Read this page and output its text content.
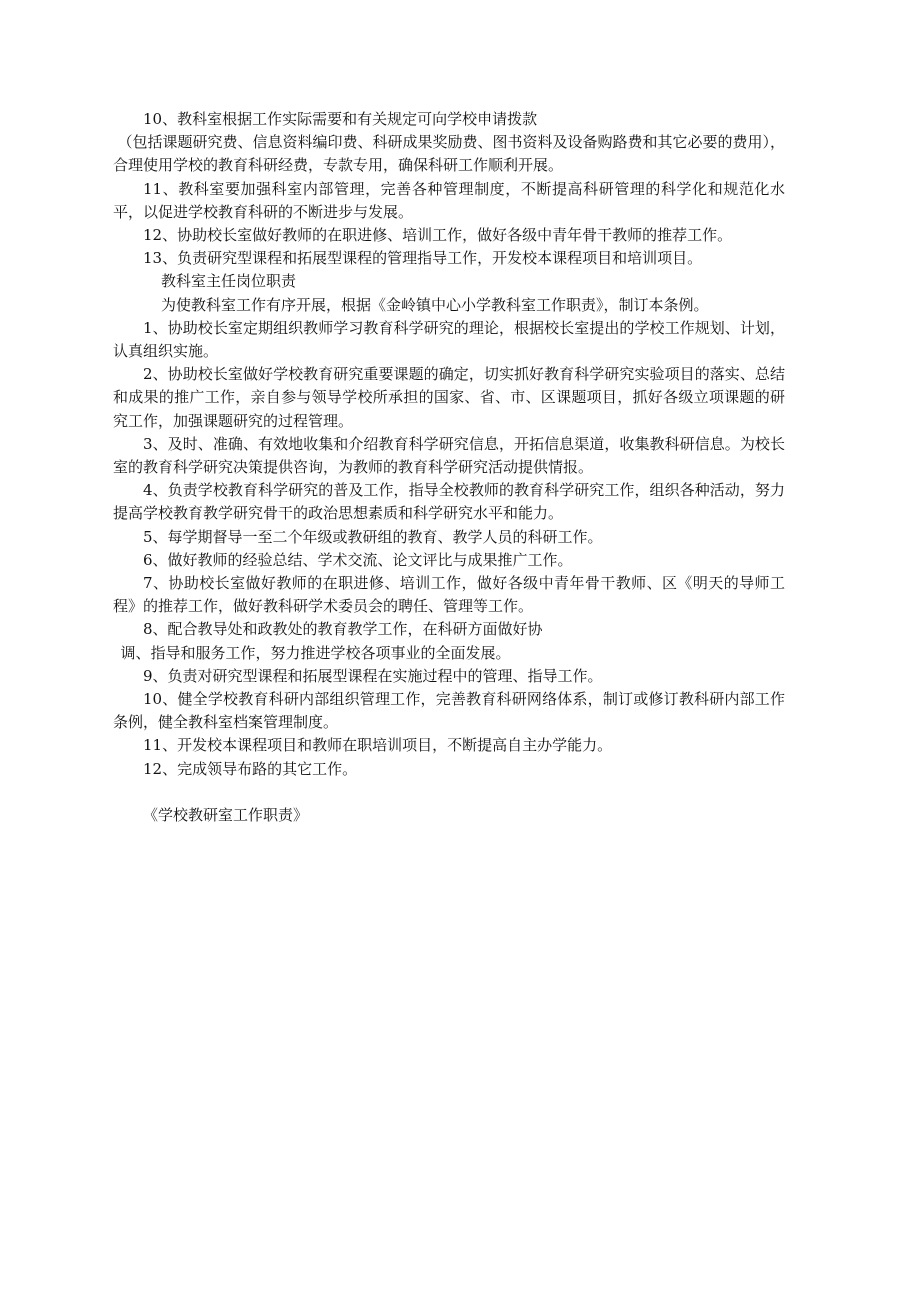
10、教科室根据工作实际需要和有关规定可向学校申请拨款

（包括课题研究费、信息资料编印费、科研成果奖励费、图书资料及设备购路费和其它必要的费用），合理使用学校的教育科研经费，专款专用，确保科研工作顺利开展。

11、教科室要加强科室内部管理，完善各种管理制度，不断提高科研管理的科学化和规范化水平，以促进学校教育科研的不断进步与发展。

12、协助校长室做好教师的在职进修、培训工作，做好各级中青年骨干教师的推荐工作。

13、负责研究型课程和拓展型课程的管理指导工作，开发校本课程项目和培训项目。

教科室主任岗位职责

为使教科室工作有序开展，根据《金岭镇中心小学教科室工作职责》，制订本条例。

1、协助校长室定期组织教师学习教育科学研究的理论，根据校长室提出的学校工作规划、计划，认真组织实施。

2、协助校长室做好学校教育研究重要课题的确定，切实抓好教育科学研究实验项目的落实、总结和成果的推广工作，亲自参与领导学校所承担的国家、省、市、区课题项目，抓好各级立项课题的研究工作，加强课题研究的过程管理。

3、及时、准确、有效地收集和介绍教育科学研究信息，开拓信息渠道，收集教科研信息。为校长室的教育科学研究决策提供咨询，为教师的教育科学研究活动提供情报。

4、负责学校教育科学研究的普及工作，指导全校教师的教育科学研究工作，组织各种活动，努力提高学校教育教学研究骨干的政治思想素质和科学研究水平和能力。

5、每学期督导一至二个年级或教研组的教育、教学人员的科研工作。

6、做好教师的经验总结、学术交流、论文评比与成果推广工作。

7、协助校长室做好教师的在职进修、培训工作，做好各级中青年骨干教师、区《明天的导师工程》的推荐工作，做好教科研学术委员会的聘任、管理等工作。

8、配合教导处和政教处的教育教学工作，在科研方面做好协

调、指导和服务工作，努力推进学校各项事业的全面发展。

9、负责对研究型课程和拓展型课程在实施过程中的管理、指导工作。

10、健全学校教育科研内部组织管理工作，完善教育科研网络体系，制订或修订教科研内部工作条例，健全教科室档案管理制度。

11、开发校本课程项目和教师在职培训项目，不断提高自主办学能力。

12、完成领导布路的其它工作。

《学校教研室工作职责》
